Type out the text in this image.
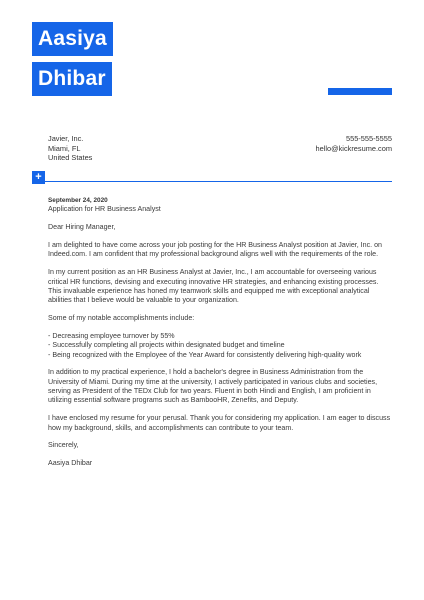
Aasiya
Dhibar
Javier, Inc.
Miami, FL
United States
555-555-5555
hello@kickresume.com
+
September 24, 2020
Application for HR Business Analyst

Dear Hiring Manager,

I am delighted to have come across your job posting for the HR Business Analyst position at Javier, Inc. on Indeed.com. I am confident that my professional background aligns well with the requirements of the role.

In my current position as an HR Business Analyst at Javier, Inc., I am accountable for overseeing various critical HR functions, devising and executing innovative HR strategies, and enhancing existing processes. This invaluable experience has honed my teamwork skills and equipped me with exceptional analytical abilities that I believe would be valuable to your organization.

Some of my notable accomplishments include:

- Decreasing employee turnover by 55%
- Successfully completing all projects within designated budget and timeline
- Being recognized with the Employee of the Year Award for consistently delivering high-quality work

In addition to my practical experience, I hold a bachelor's degree in Business Administration from the University of Miami. During my time at the university, I actively participated in various clubs and societies, serving as President of the TEDx Club for two years. Fluent in both Hindi and English, I am proficient in utilizing essential software programs such as BambooHR, Zenefits, and Deputy.

I have enclosed my resume for your perusal. Thank you for considering my application. I am eager to discuss how my background, skills, and accomplishments can contribute to your team.

Sincerely,

Aasiya Dhibar
